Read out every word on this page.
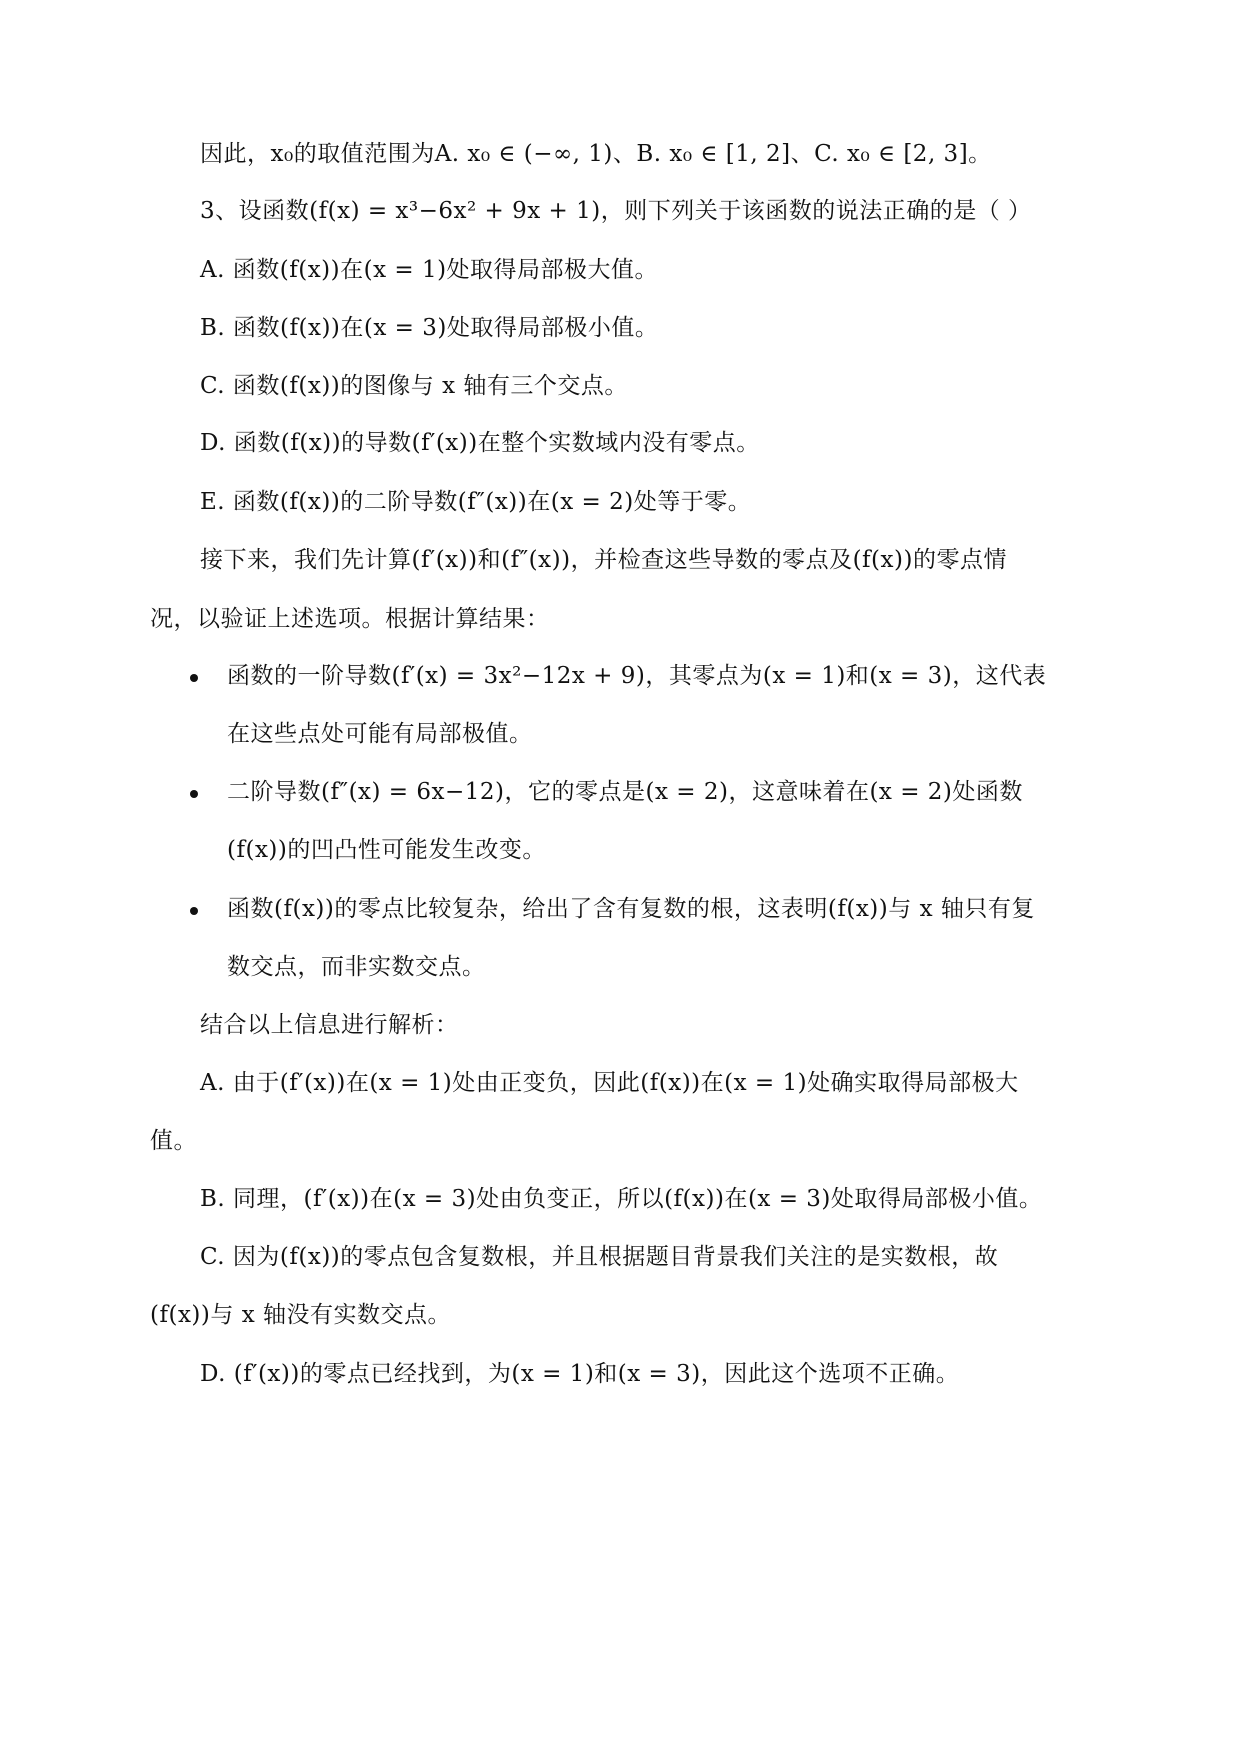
因此，x₀的取值范围为A. x₀ ∈ (−∞, 1)、B. x₀ ∈ [1, 2]、C. x₀ ∈ [2, 3]。
3、设函数(f(x) = x³−6x² + 9x + 1)，则下列关于该函数的说法正确的是（ ）
A. 函数(f(x))在(x = 1)处取得局部极大值。
B. 函数(f(x))在(x = 3)处取得局部极小值。
C. 函数(f(x))的图像与 x 轴有三个交点。
D. 函数(f(x))的导数(f′(x))在整个实数域内没有零点。
E. 函数(f(x))的二阶导数(f″(x))在(x = 2)处等于零。
接下来，我们先计算(f′(x))和(f″(x))，并检查这些导数的零点及(f(x))的零点情
况，以验证上述选项。根据计算结果：
函数的一阶导数(f′(x) = 3x²−12x + 9)，其零点为(x = 1)和(x = 3)，这代表
在这些点处可能有局部极值。
二阶导数(f″(x) = 6x−12)，它的零点是(x = 2)，这意味着在(x = 2)处函数
(f(x))的凹凸性可能发生改变。
函数(f(x))的零点比较复杂，给出了含有复数的根，这表明(f(x))与 x 轴只有复
数交点，而非实数交点。
结合以上信息进行解析：
A. 由于(f′(x))在(x = 1)处由正变负，因此(f(x))在(x = 1)处确实取得局部极大
值。
B. 同理，(f′(x))在(x = 3)处由负变正，所以(f(x))在(x = 3)处取得局部极小值。
C. 因为(f(x))的零点包含复数根，并且根据题目背景我们关注的是实数根，故
(f(x))与 x 轴没有实数交点。
D. (f′(x))的零点已经找到，为(x = 1)和(x = 3)，因此这个选项不正确。
